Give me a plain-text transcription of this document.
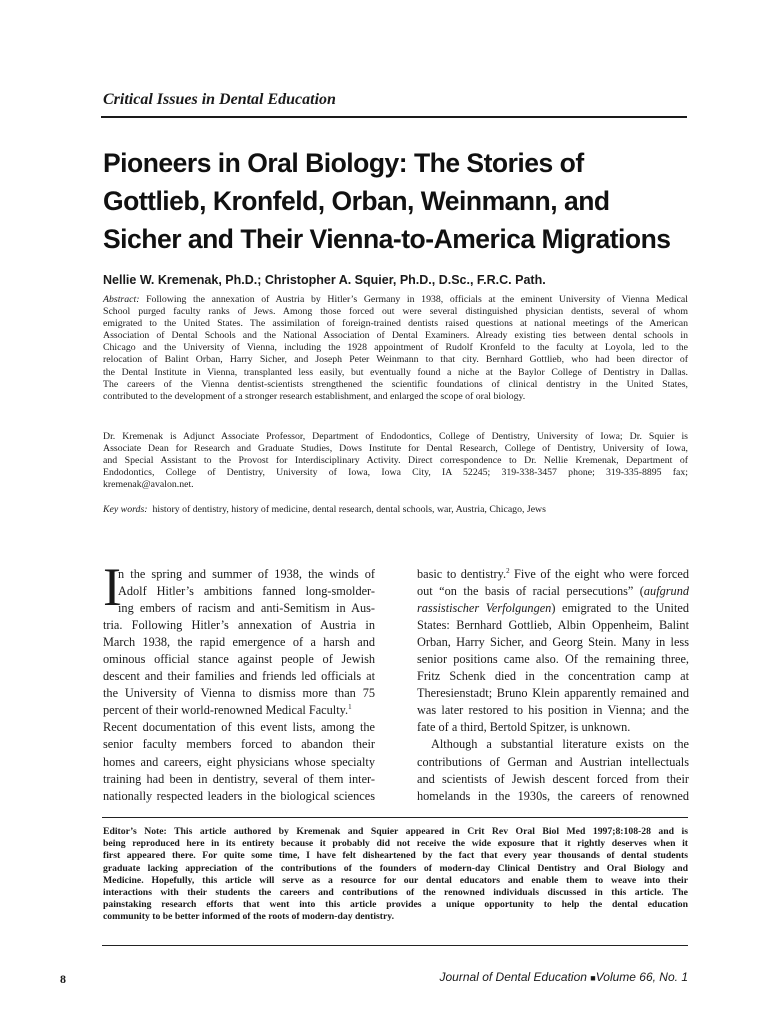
Critical Issues in Dental Education
Pioneers in Oral Biology: The Stories of
Gottlieb, Kronfeld, Orban, Weinmann, and
Sicher and Their Vienna-to-America Migrations
Nellie W. Kremenak, Ph.D.; Christopher A. Squier, Ph.D., D.Sc., F.R.C. Path.
Abstract: Following the annexation of Austria by Hitler’s Germany in 1938, officials at the eminent University of Vienna Medical
School purged faculty ranks of Jews. Among those forced out were several distinguished physician dentists, several of whom
emigrated to the United States. The assimilation of foreign-trained dentists raised questions at national meetings of the American
Association of Dental Schools and the National Association of Dental Examiners. Already existing ties between dental schools in
Chicago and the University of Vienna, including the 1928 appointment of Rudolf Kronfeld to the faculty at Loyola, led to the
relocation of Balint Orban, Harry Sicher, and Joseph Peter Weinmann to that city. Bernhard Gottlieb, who had been director of
the Dental Institute in Vienna, transplanted less easily, but eventually found a niche at the Baylor College of Dentistry in Dallas.
The careers of the Vienna dentist-scientists strengthened the scientific foundations of clinical dentistry in the United States,
contributed to the development of a stronger research establishment, and enlarged the scope of oral biology.
Dr. Kremenak is Adjunct Associate Professor, Department of Endodontics, College of Dentistry, University of Iowa; Dr. Squier is
Associate Dean for Research and Graduate Studies, Dows Institute for Dental Research, College of Dentistry, University of Iowa,
and Special Assistant to the Provost for Interdisciplinary Activity. Direct correspondence to Dr. Nellie Kremenak, Department of
Endodontics, College of Dentistry, University of Iowa, Iowa City, IA 52245; 319-338-3457 phone; 319-335-8895 fax;
kremenak@avalon.net.
Key words: history of dentistry, history of medicine, dental research, dental schools, war, Austria, Chicago, Jews
I
n the spring and summer of 1938, the winds of
Adolf Hitler’s ambitions fanned long-smolder-
ing embers of racism and anti-Semitism in Aus-
tria. Following Hitler’s annexation of Austria in
March 1938, the rapid emergence of a harsh and
ominous official stance against people of Jewish
descent and their families and friends led officials at
the University of Vienna to dismiss more than 75
percent of their world-renowned Medical Faculty.$^1$
Recent documentation of this event lists, among the
senior faculty members forced to abandon their
homes and careers, eight physicians whose specialty
training had been in dentistry, several of them inter-
nationally respected leaders in the biological sciences
basic to dentistry.$^2$ Five of the eight who were forced
out “on the basis of racial persecutions” (aufgrund
rassistischer Verfolgungen) emigrated to the United
States: Bernhard Gottlieb, Albin Oppenheim, Balint
Orban, Harry Sicher, and Georg Stein. Many in less
senior positions came also. Of the remaining three,
Fritz Schenk died in the concentration camp at
Theresienstadt; Bruno Klein apparently remained and
was later restored to his position in Vienna; and the
fate of a third, Bertold Spitzer, is unknown.
Although a substantial literature exists on the
contributions of German and Austrian intellectuals
and scientists of Jewish descent forced from their
homelands in the 1930s, the careers of renowned
Editor’s Note: This article authored by Kremenak and Squier appeared in Crit Rev Oral Biol Med 1997;8:108-28 and is
being reproduced here in its entirety because it probably did not receive the wide exposure that it rightly deserves when it
first appeared there. For quite some time, I have felt disheartened by the fact that every year thousands of dental students
graduate lacking appreciation of the contributions of the founders of modern-day Clinical Dentistry and Oral Biology and
Medicine. Hopefully, this article will serve as a resource for our dental educators and enable them to weave into their
interactions with their students the careers and contributions of the renowned individuals discussed in this article. The
painstaking research efforts that went into this article provides a unique opportunity to help the dental education
community to be better informed of the roots of modern-day dentistry.
8	Journal of Dental Education ■Volume 66, No. 1
